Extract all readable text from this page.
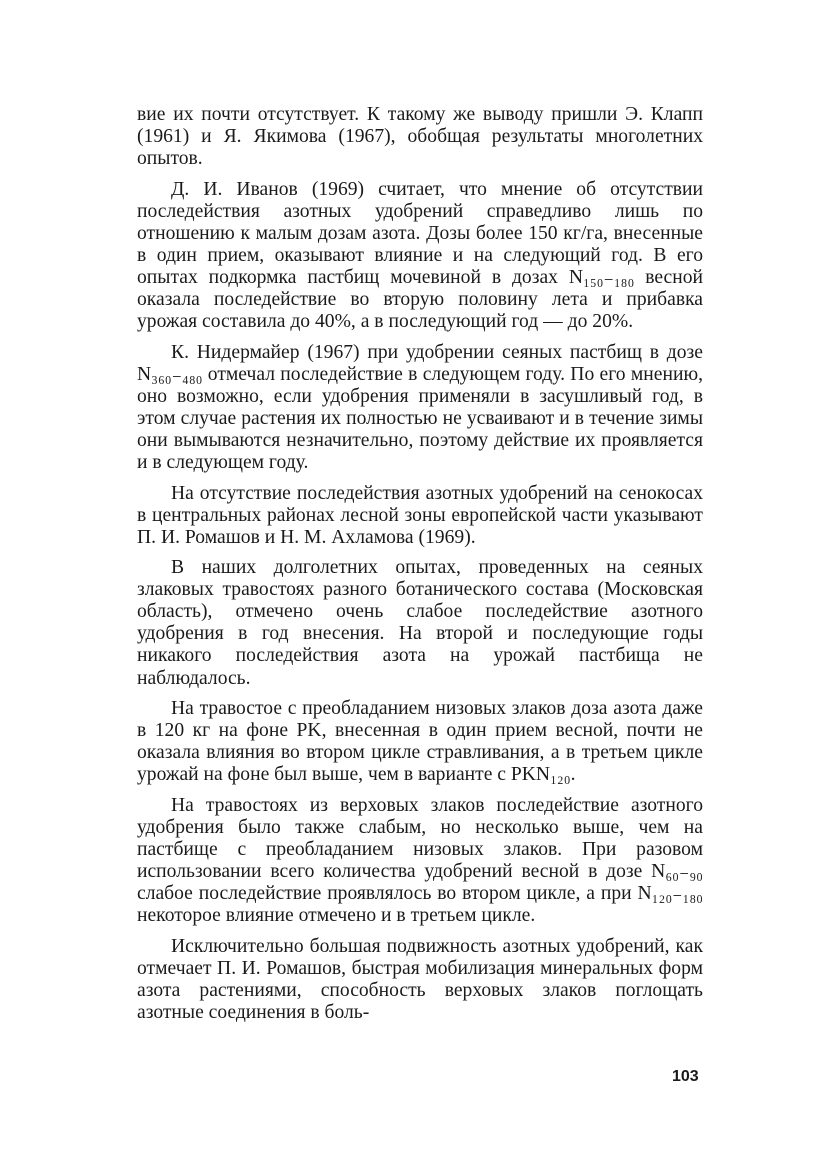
вие их почти отсутствует. К такому же выводу пришли Э. Клапп (1961) и Я. Якимова (1967), обобщая результаты многолетних опытов.

Д. И. Иванов (1969) считает, что мнение об отсутствии последействия азотных удобрений справедливо лишь по отношению к малым дозам азота. Дозы более 150 кг/га, внесенные в один прием, оказывают влияние и на следующий год. В его опытах подкормка пастбищ мочевиной в дозах N₁₅₀₋₁₈₀ весной оказала последействие во вторую половину лета и прибавка урожая составила до 40%, а в последующий год — до 20%.

К. Нидермайер (1967) при удобрении сеяных пастбищ в дозе N₃₆₀₋₄₈₀ отмечал последействие в следующем году. По его мнению, оно возможно, если удобрения применяли в засушливый год, в этом случае растения их полностью не усваивают и в течение зимы они вымываются незначительно, поэтому действие их проявляется и в следующем году.

На отсутствие последействия азотных удобрений на сенокосах в центральных районах лесной зоны европейской части указывают П. И. Ромашов и Н. М. Ахламова (1969).

В наших долголетних опытах, проведенных на сеяных злаковых травостоях разного ботанического состава (Московская область), отмечено очень слабое последействие азотного удобрения в год внесения. На второй и последующие годы никакого последействия азота на урожай пастбища не наблюдалось.

На травостое с преобладанием низовых злаков доза азота даже в 120 кг на фоне PK, внесенная в один прием весной, почти не оказала влияния во втором цикле стравливания, а в третьем цикле урожай на фоне был выше, чем в варианте с PKN₁₂₀.

На травостоях из верховых злаков последействие азотного удобрения было также слабым, но несколько выше, чем на пастбище с преобладанием низовых злаков. При разовом использовании всего количества удобрений весной в дозе N₆₀₋₉₀ слабое последействие проявлялось во втором цикле, а при N₁₂₀₋₁₈₀ некоторое влияние отмечено и в третьем цикле.

Исключительно большая подвижность азотных удобрений, как отмечает П. И. Ромашов, быстрая мобилизация минеральных форм азота растениями, способность верховых злаков поглощать азотные соединения в боль-

103
